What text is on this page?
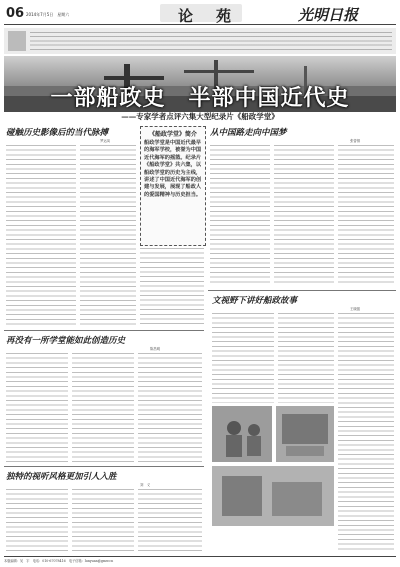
06 2014年7月5日　星期六	论　苑	光明日报
一部船政史　半部中国近代史
——专家学者点评六集大型纪录片《船政学堂》
碰触历史影像后的当代脉搏
罗运凤
《船政学堂》简介
船政学堂是中国近代最早的海军学校，被誉为中国近代海军的摇篮。纪录片《船政学堂》共六集，以船政学堂的历史为主线，讲述了中国近代海军的创建与发展，展现了船政人的爱国精神与历史担当。
从中国路走向中国梦
张曾祺
再没有一所学堂能如此创造历史
陈昌明
文视野下讲好船政故事
王晓振
独特的视听风格更加引人入胜
刘　义
本版编辑：吴　宇　电话：010-67078416　电子信箱：lunyuan@gmw.cn
